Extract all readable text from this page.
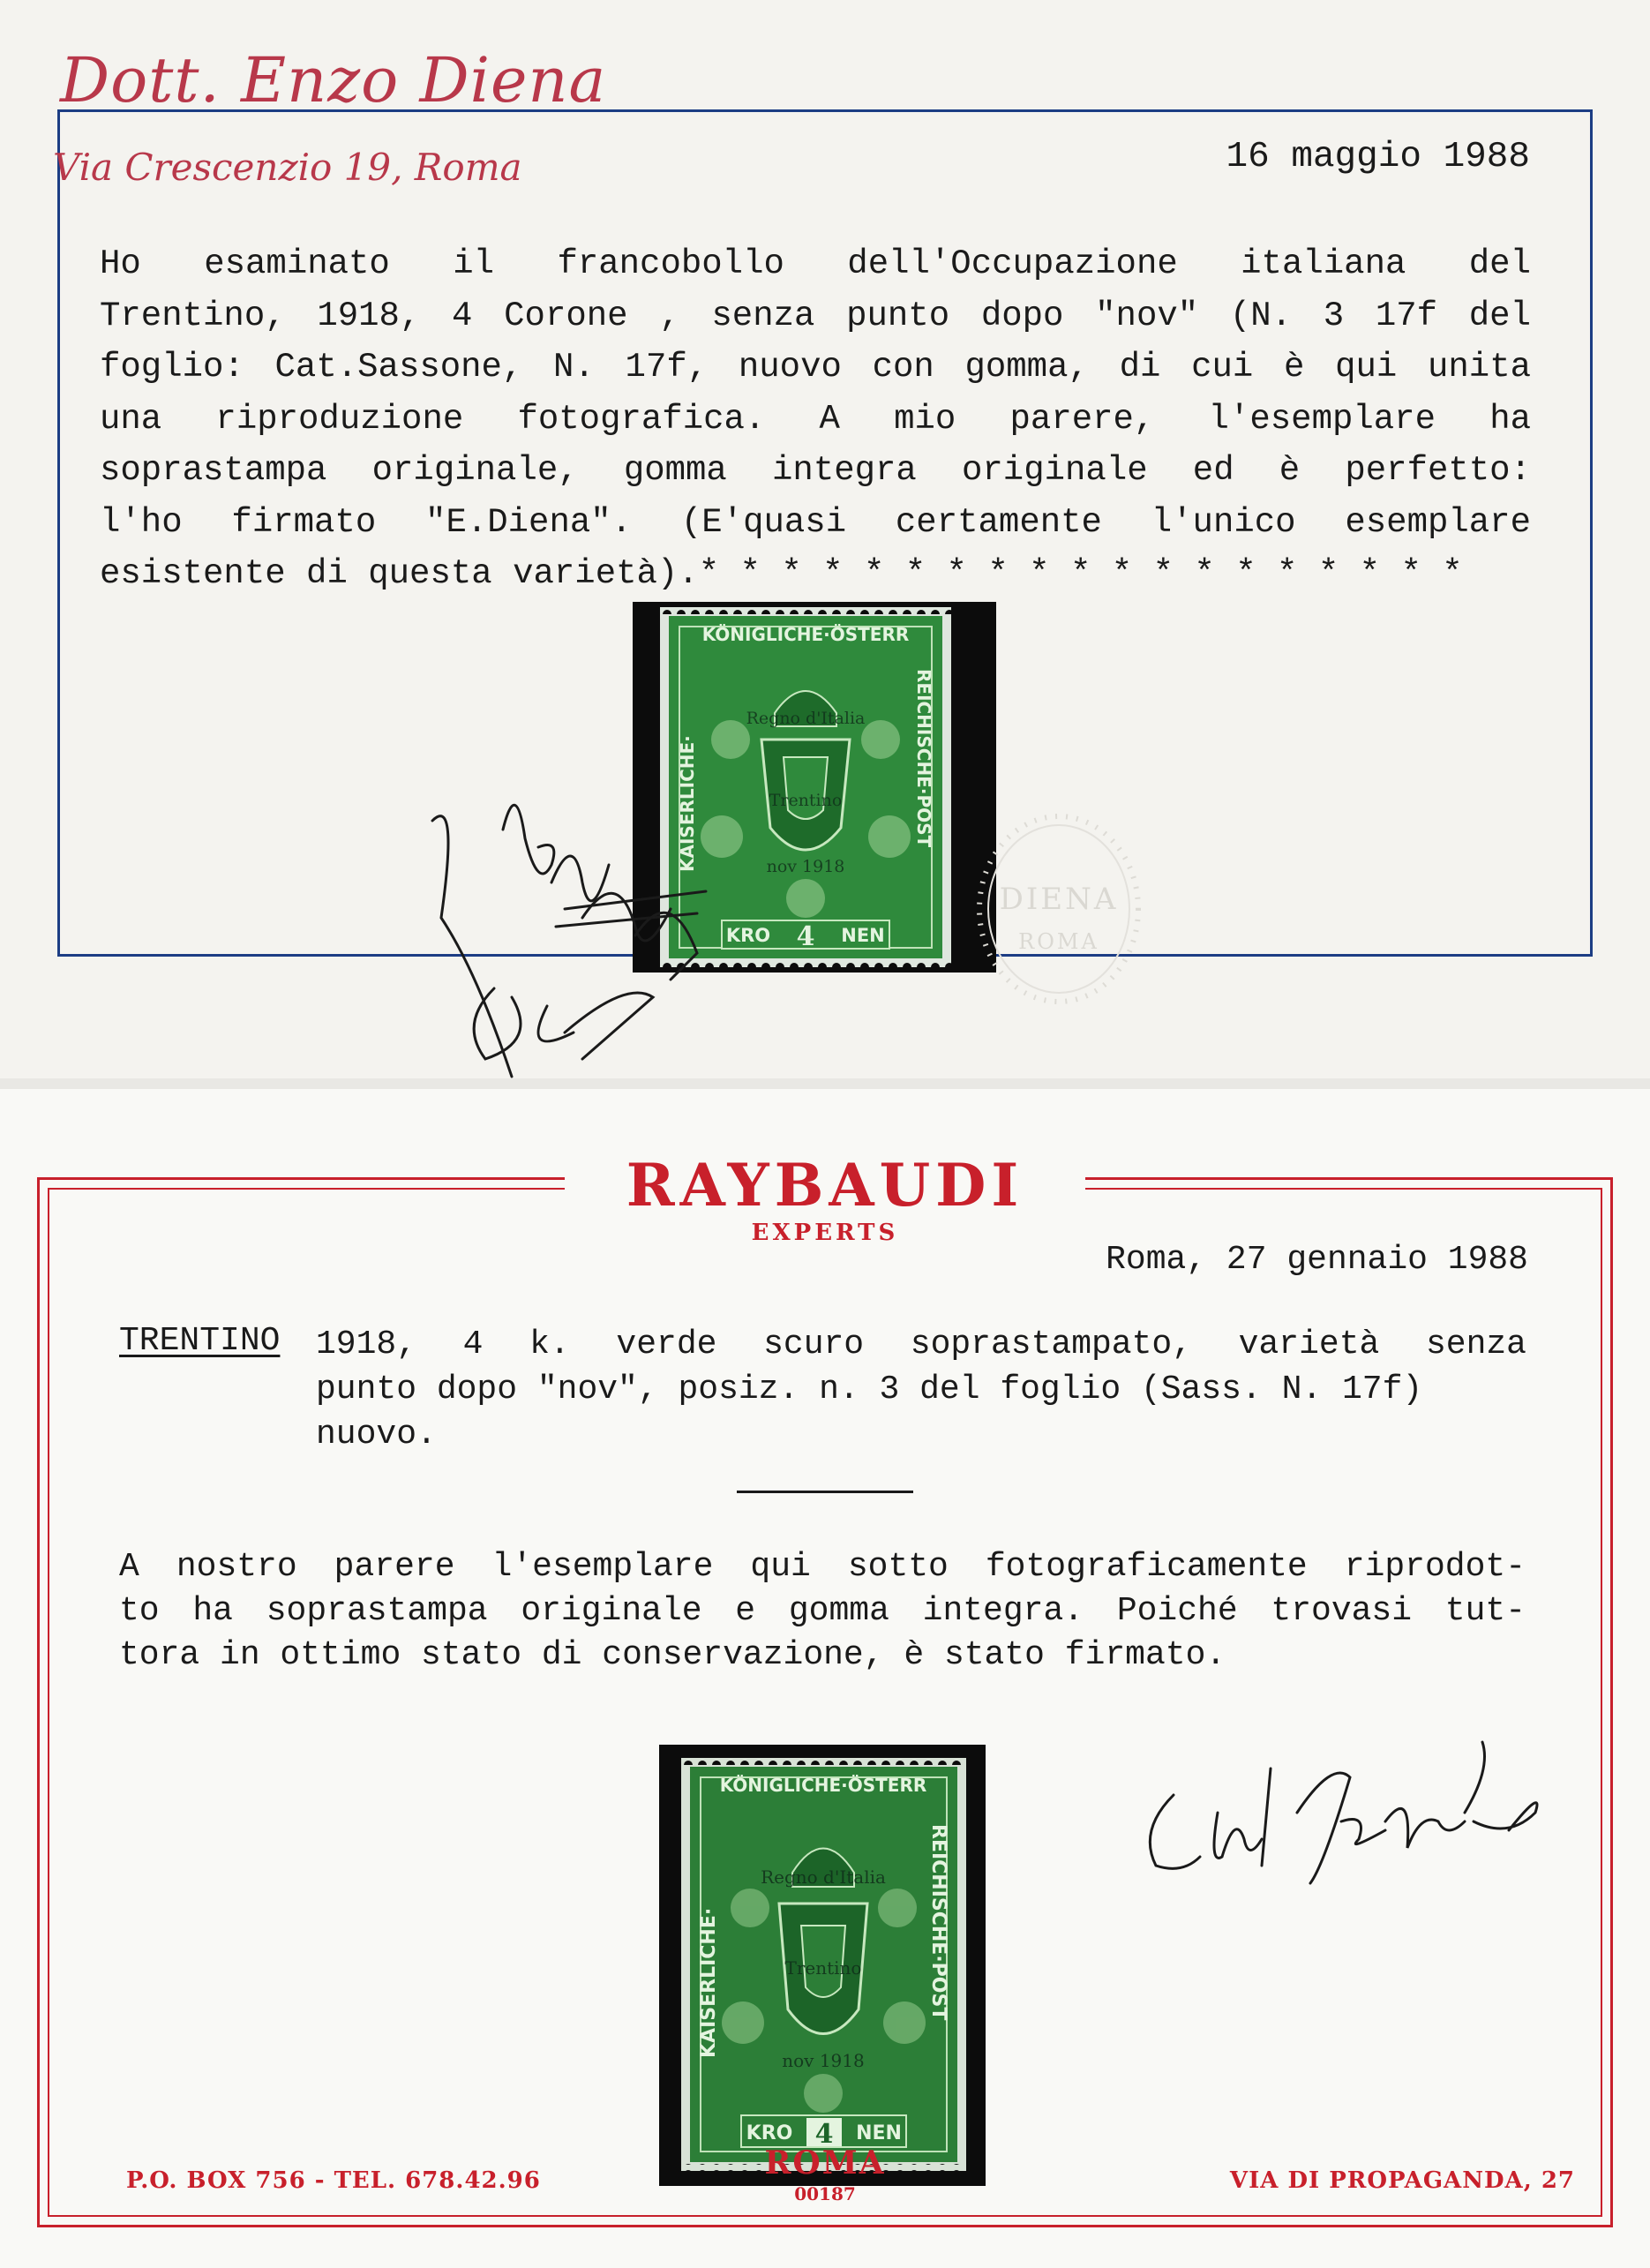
Dott. Enzo Diena
Via Crescenzio 19, Roma	16 maggio 1988
Ho esaminato il francobollo dell'Occupazione italiana del
Trentino, 1918, 4 Corone , senza punto dopo "nov" (N. 3 17f del
foglio: Cat.Sassone, N. 17f, nuovo con gomma, di cui è qui unita
una riproduzione fotografica. A mio parere, l'esemplare ha
soprastampa originale, gomma integra originale ed è perfetto:
l'ho firmato "E.Diena". (E'quasi certamente l'unico esemplare
esistente di questa varietà).* * * * * * * * * * * * * * * * * * *
KÖNIGLICHE·ÖSTERR
KAISERLICHE·	REICHISCHE·POST
KRO 4 NEN
Regno d'Italia
Trentino
nov 1918
DIENA
ROMA
RAYBAUDI
EXPERTS
Roma, 27 gennaio 1988
TRENTINO 1918, 4 k. verde scuro soprastampato, varietà senza
punto dopo "nov", posiz. n. 3 del foglio (Sass. N. 17f)
nuovo.
A nostro parere l'esemplare qui sotto fotograficamente riprodot-
to ha soprastampa originale e gomma integra. Poiché trovasi tut-
tora in ottimo stato di conservazione, è stato firmato.
KÖNIGLICHE·ÖSTERR
KAISERLICHE·	REICHISCHE·POST
KRO 4 NEN
Regno d'Italia
Trentino
nov 1918
P.O. BOX 756 - TEL. 678.42.96	ROMA
00187	VIA DI PROPAGANDA, 27
